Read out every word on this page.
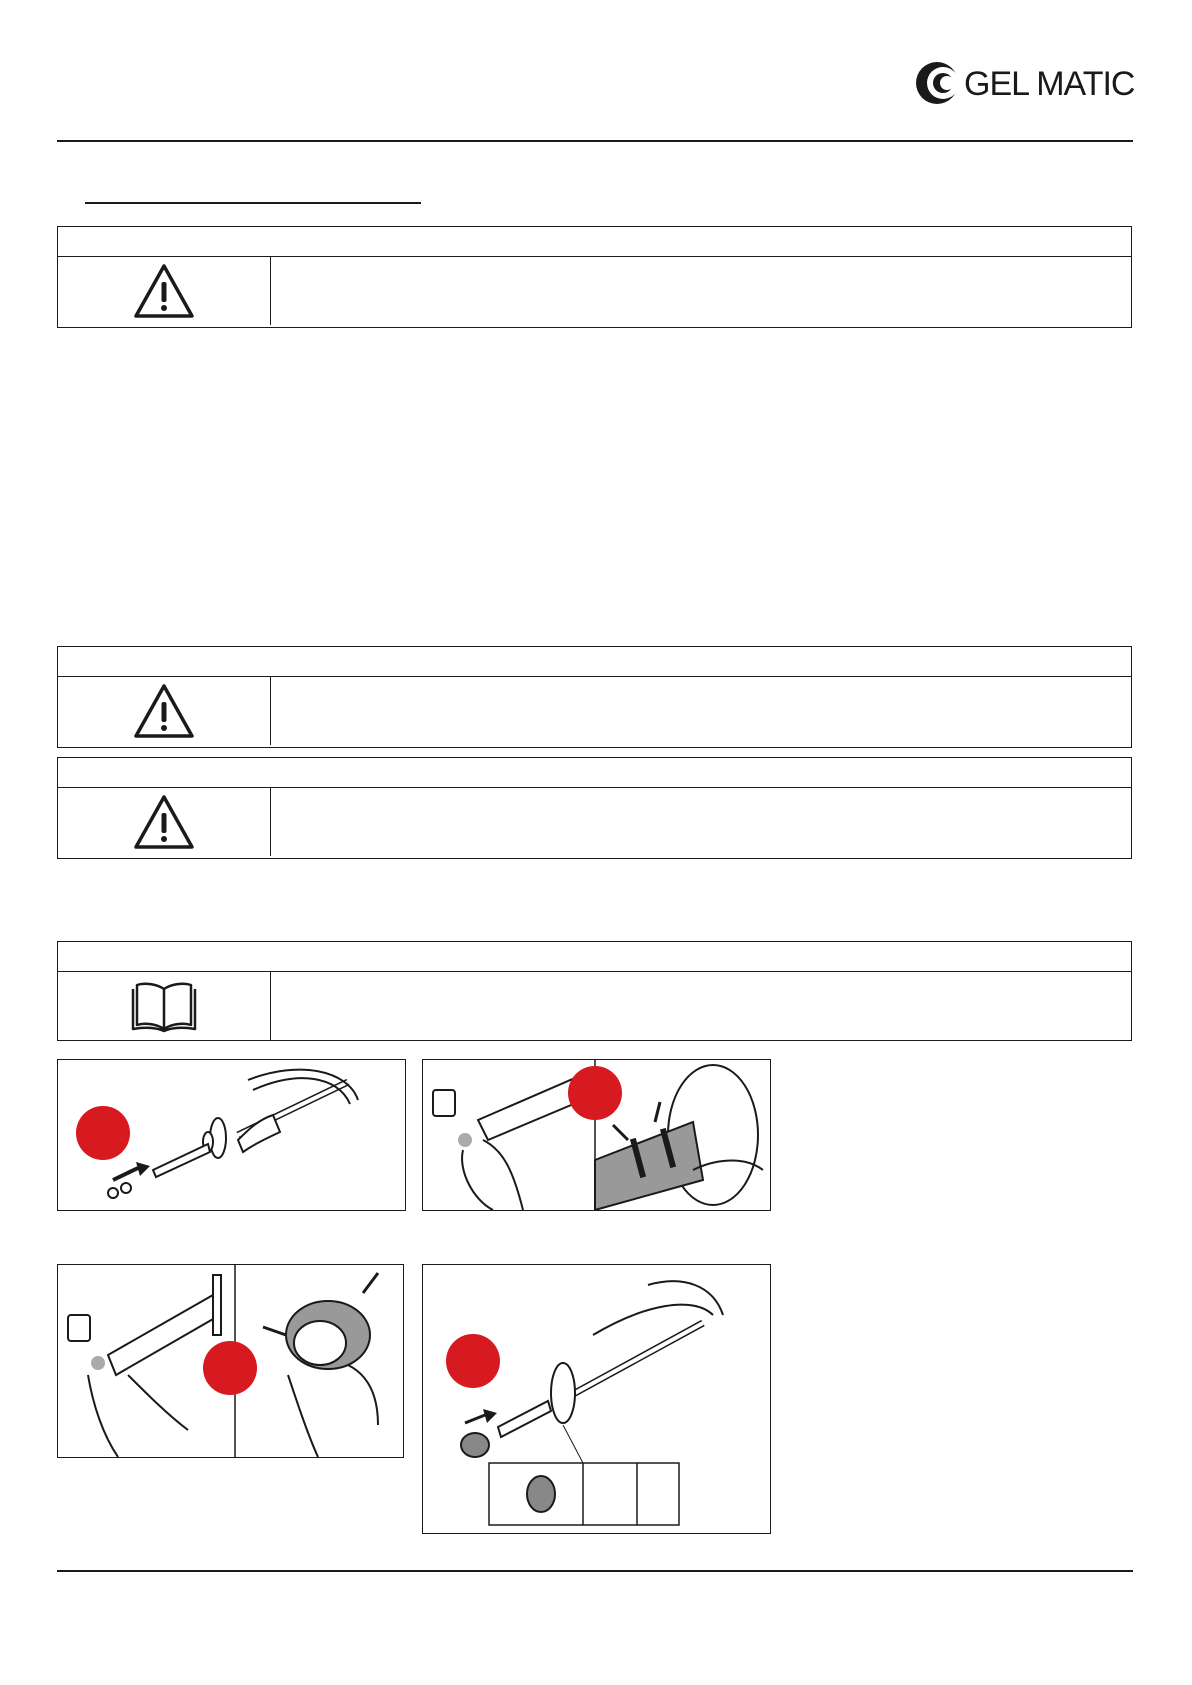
GEL MATIC
